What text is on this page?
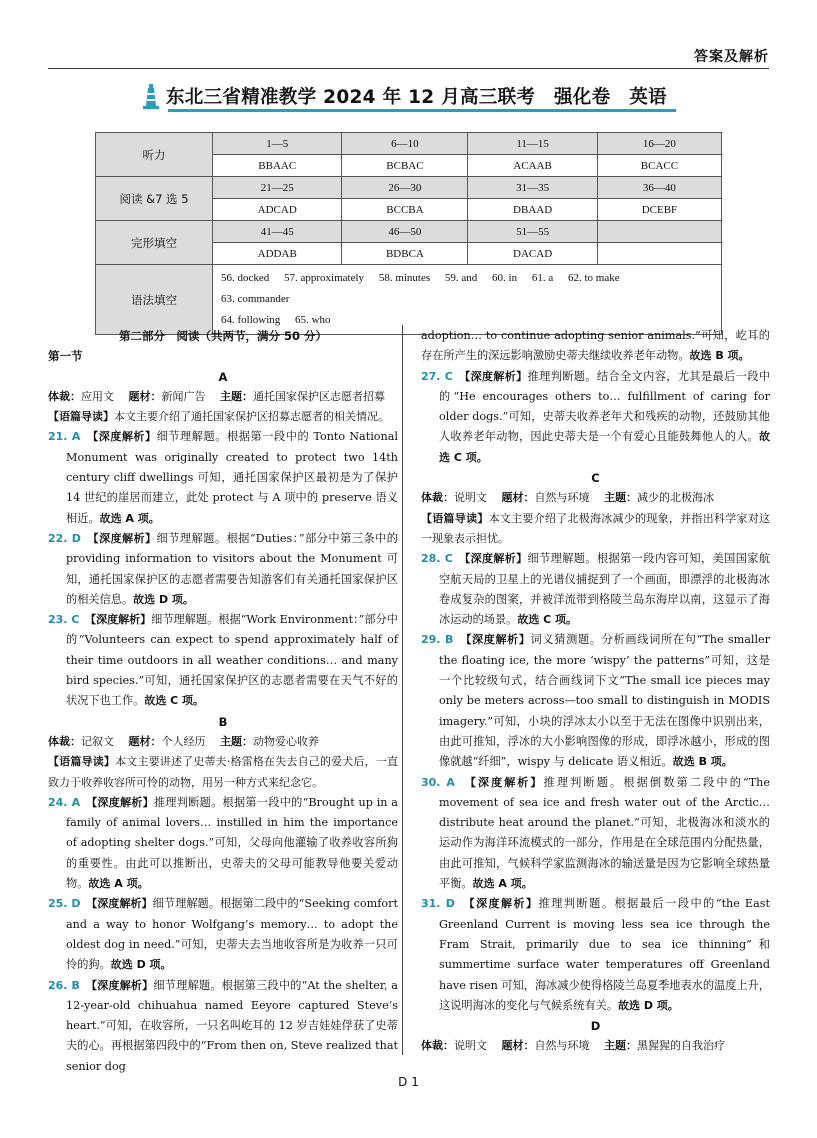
答案及解析
东北三省精准教学 2024 年 12 月高三联考　强化卷　英语
听力	1—5	6—10	11—15	16—20
	BBAAC	BCBAC	ACAAB	BCACC
阅读 &7 选 5	21—25	26—30	31—35	36—40
	ADCAD	BCCBA	DBAAD	DCEBF
完形填空	41—45	46—50	51—55	
	ADDAB	BDBCA	DACAD	
语法填空	56. docked 57. approximately 58. minutes 59. and 60. in 61. a 62. to make 63. commander
64. following 65. who			
第二部分　阅读（共两节，满分 50 分）
第一节
A
体裁：应用文　 题材：新闻广告　 主题：通托国家保护区志愿者招募

【语篇导读】本文主要介绍了通托国家保护区招募志愿者的相关情况。

21. A　 【深度解析】细节理解题。根据第一段中的 Tonto National Monument was originally created to protect two 14th century cliff dwellings 可知，通托国家保护区最初是为了保护 14 世纪的崖居而建立，此处 protect 与 A 项中的 preserve 语义相近。故选 A 项。

22. D　 【深度解析】细节理解题。根据“Duties：”部分中第三条中的 providing information to visitors about the Monument 可知，通托国家保护区的志愿者需要告知游客们有关通托国家保护区的相关信息。故选 D 项。

23. C　 【深度解析】细节理解题。根据“Work Environment：”部分中的“Volunteers can expect to spend approximately half of their time outdoors in all weather conditions… and many bird species.”可知，通托国家保护区的志愿者需要在天气不好的状况下也工作。故选 C 项。

B
体裁：记叙文　 题材：个人经历　 主题：动物爱心收养

【语篇导读】本文主要讲述了史蒂夫·格雷格在失去自己的爱犬后，一直致力于收养收容所可怜的动物，用另一种方式来纪念它。

24. A　 【深度解析】推理判断题。根据第一段中的“Brought up in a family of animal lovers… instilled in him the importance of adopting shelter dogs.”可知，父母向他灌输了收养收容所狗的重要性。由此可以推断出，史蒂夫的父母可能教导他要关爱动物。故选 A 项。

25. D　 【深度解析】细节理解题。根据第二段中的“Seeking comfort and a way to honor Wolfgang’s memory… to adopt the oldest dog in need.”可知，史蒂夫去当地收容所是为收养一只可怜的狗。故选 D 项。

26. B　 【深度解析】细节理解题。根据第三段中的“At the shelter, a 12-year-old chihuahua named Eeyore captured Steve’s heart.”可知，在收容所，一只名叫屹耳的 12 岁吉娃娃俘获了史蒂夫的心。再根据第四段中的“From then on, Steve realized that senior dog

adoption… to continue adopting senior animals.”可知，屹耳的存在所产生的深远影响激励史蒂夫继续收养老年动物。故选 B 项。

27. C　 【深度解析】推理判断题。结合全文内容，尤其是最后一段中的“He encourages others to… fulfillment of caring for older dogs.”可知，史蒂夫收养老年犬和残疾的动物，还鼓励其他人收养老年动物，因此史蒂夫是一个有爱心且能鼓舞他人的人。故选 C 项。

C
体裁：说明文　 题材：自然与环境　 主题：减少的北极海冰

【语篇导读】本文主要介绍了北极海冰减少的现象，并指出科学家对这一现象表示担忧。

28. C　 【深度解析】细节理解题。根据第一段内容可知，美国国家航空航天局的卫星上的光谱仪捕捉到了一个画面，即漂浮的北极海冰卷成复杂的图案，并被洋流带到格陵兰岛东海岸以南，这显示了海冰运动的场景。故选 C 项。

29. B　 【深度解析】词义猜测题。分析画线词所在句“The smaller the floating ice, the more ‘wispy’ the patterns”可知，这是一个比较级句式，结合画线词下文“The small ice pieces may only be meters across—too small to distinguish in MODIS imagery.”可知，小块的浮冰太小以至于无法在图像中识别出来，由此可推知，浮冰的大小影响图像的形成，即浮冰越小，形成的图像就越“纤细”，wispy 与 delicate 语义相近。故选 B 项。

30. A　 【深度解析】推理判断题。根据倒数第二段中的“The movement of sea ice and fresh water out of the Arctic… distribute heat around the planet.”可知，北极海冰和淡水的运动作为海洋环流模式的一部分，作用是在全球范围内分配热量，由此可推知，气候科学家监测海冰的输送量是因为它影响全球热量平衡。故选 A 项。

31. D　 【深度解析】推理判断题。根据最后一段中的“the East Greenland Current is moving less sea ice through the Fram Strait, primarily due to sea ice thinning”和 summertime surface water temperatures off Greenland have risen 可知，海冰减少使得格陵兰岛夏季地表水的温度上升，这说明海冰的变化与气候系统有关。故选 D 项。

D
体裁：说明文　 题材：自然与环境　 主题：黑猩猩的自我治疗
D 1
